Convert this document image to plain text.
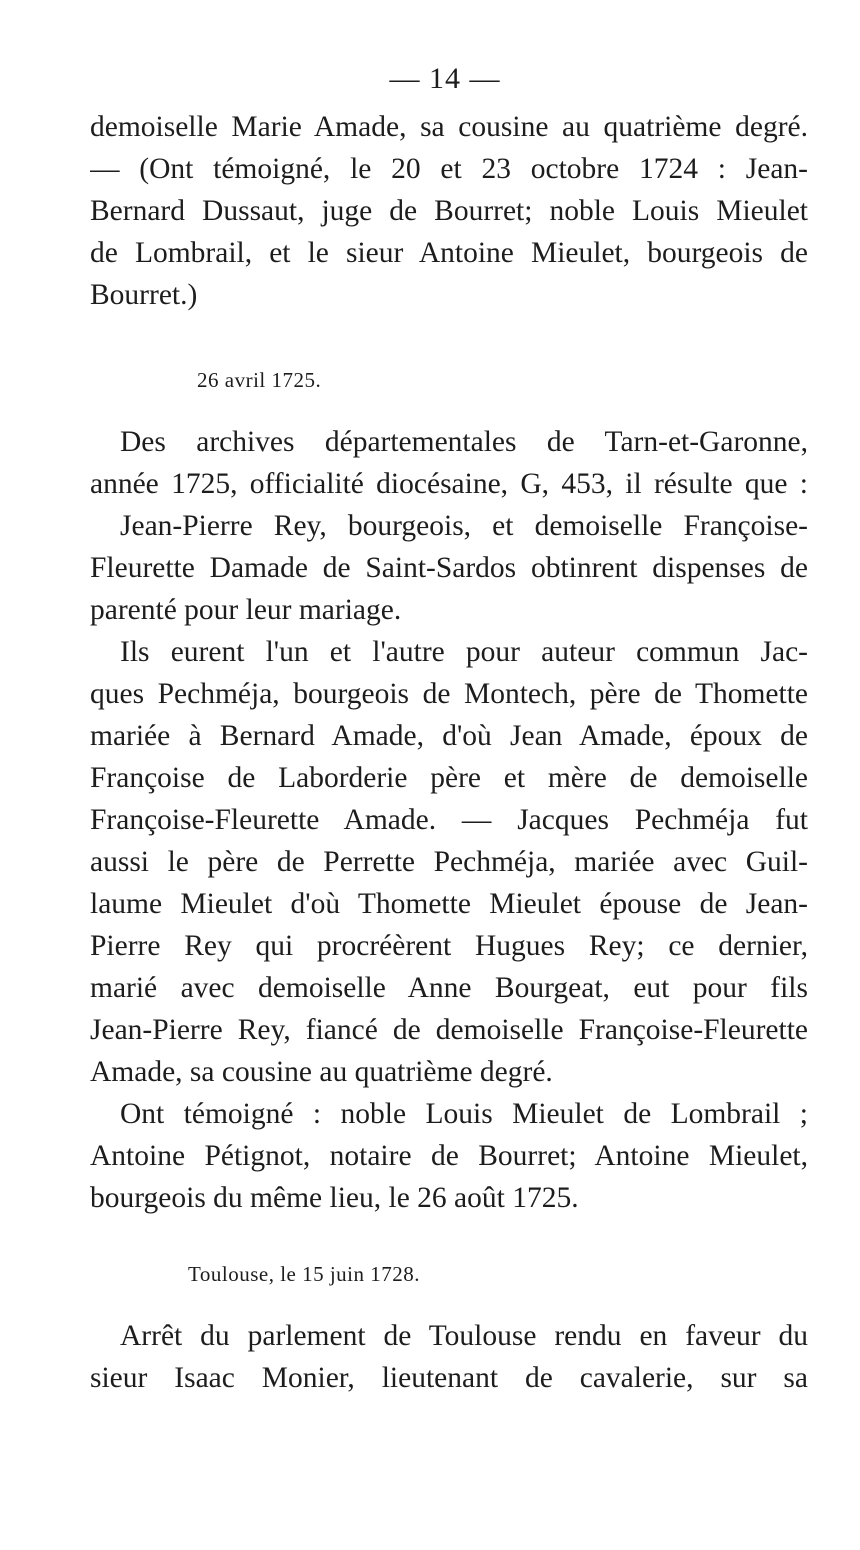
— 14 —
demoiselle Marie Amade, sa cousine au quatrième degré.
— (Ont témoigné, le 20 et 23 octobre 1724 : Jean-
Bernard Dussaut, juge de Bourret; noble Louis Mieulet
de Lombrail, et le sieur Antoine Mieulet, bourgeois de
Bourret.)
26 avril 1725.
Des archives départementales de Tarn-et-Garonne,
année 1725, officialité diocésaine, G, 453, il résulte que :
Jean-Pierre Rey, bourgeois, et demoiselle Françoise-
Fleurette Damade de Saint-Sardos obtinrent dispenses de
parenté pour leur mariage.
Ils eurent l'un et l'autre pour auteur commun Jac-
ques Pechméja, bourgeois de Montech, père de Thomette
mariée à Bernard Amade, d'où Jean Amade, époux de
Françoise de Laborderie père et mère de demoiselle
Françoise-Fleurette Amade. — Jacques Pechméja fut
aussi le père de Perrette Pechméja, mariée avec Guil-
laume Mieulet d'où Thomette Mieulet épouse de Jean-
Pierre Rey qui procréèrent Hugues Rey; ce dernier,
marié avec demoiselle Anne Bourgeat, eut pour fils
Jean-Pierre Rey, fiancé de demoiselle Françoise-Fleurette
Amade, sa cousine au quatrième degré.
Ont témoigné : noble Louis Mieulet de Lombrail ;
Antoine Pétignot, notaire de Bourret; Antoine Mieulet,
bourgeois du même lieu, le 26 août 1725.
Toulouse, le 15 juin 1728.
Arrêt du parlement de Toulouse rendu en faveur du
sieur Isaac Monier, lieutenant de cavalerie, sur sa
